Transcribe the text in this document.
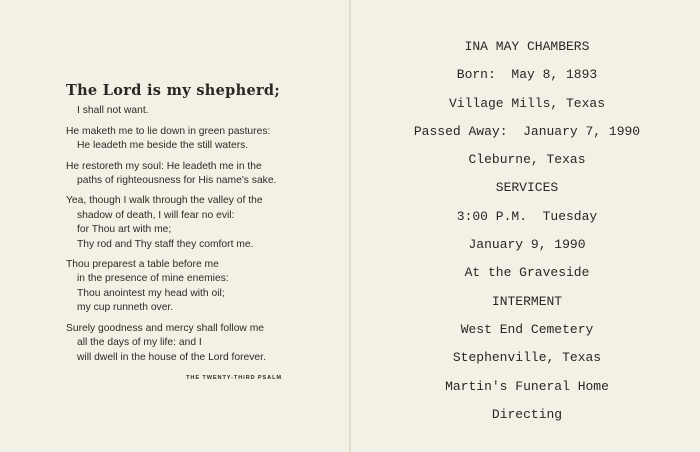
The Lord is my shepherd;
I shall not want.
He maketh me to lie down in green pastures:
He leadeth me beside the still waters.
He restoreth my soul: He leadeth me in the
paths of righteousness for His name's sake.
Yea, though I walk through the valley of the
shadow of death, I will fear no evil:
for Thou art with me;
Thy rod and Thy staff they comfort me.
Thou preparest a table before me
in the presence of mine enemies:
Thou anointest my head with oil;
my cup runneth over.
Surely goodness and mercy shall follow me
all the days of my life: and I
will dwell in the house of the Lord forever.
THE TWENTY-THIRD PSALM
INA MAY CHAMBERS
Born:  May 8, 1893
Village Mills, Texas
Passed Away:  January 7, 1990
Cleburne, Texas
SERVICES
3:00 P.M.  Tuesday
January 9, 1990
At the Graveside
INTERMENT
West End Cemetery
Stephenville, Texas
Martin's Funeral Home
Directing
